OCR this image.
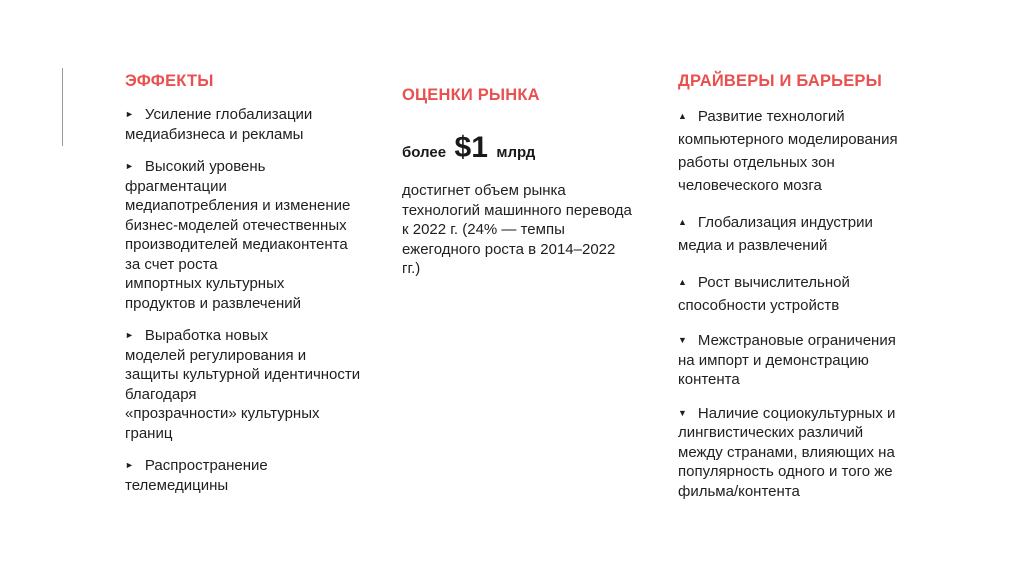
ЭФФЕКТЫ
► Усиление глобализации
медиабизнеса и рекламы
► Высокий уровень
фрагментации
медиапотребления и изменение
бизнес-моделей отечественных
производителей медиаконтента
за счет роста
импортных культурных
продуктов и развлечений
► Выработка новых
моделей регулирования и
защиты культурной идентичности
благодаря
«прозрачности» культурных
границ
► Распространение
телемедицины
ОЦЕНКИ РЫНКА
более $1 млрд

достигнет объем рынка
технологий машинного перевода
к 2022 г. (24% — темпы
ежегодного роста в 2014–2022
гг.)

ДРАЙВЕРЫ И БАРЬЕРЫ
▲ Развитие технологий
компьютерного моделирования
работы отдельных зон
человеческого мозга
▲ Глобализация индустрии
медиа и развлечений
▲ Рост вычислительной
способности устройств
▼ Межстрановые ограничения
на импорт и демонстрацию
контента
▼ Наличие социокультурных и
лингвистических различий
между странами, влияющих на
популярность одного и того же
фильма/контента
